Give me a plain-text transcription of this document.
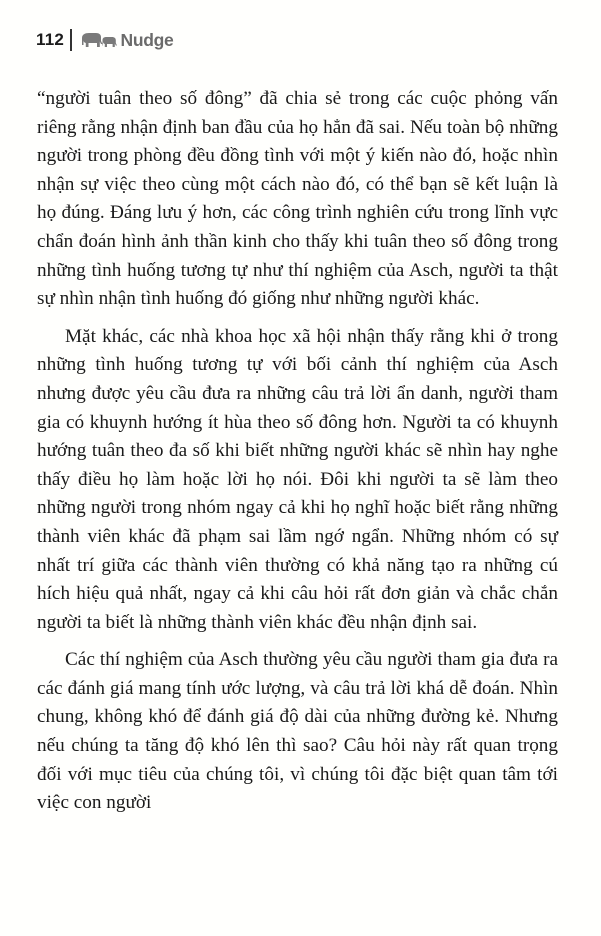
112	Nudge

“người tuân theo số đông” đã chia sẻ trong các cuộc phỏng vấn riêng rằng nhận định ban đầu của họ hẳn đã sai. Nếu toàn bộ những người trong phòng đều đồng tình với một ý kiến nào đó, hoặc nhìn nhận sự việc theo cùng một cách nào đó, có thể bạn sẽ kết luận là họ đúng. Đáng lưu ý hơn, các công trình nghiên cứu trong lĩnh vực chẩn đoán hình ảnh thần kinh cho thấy khi tuân theo số đông trong những tình huống tương tự như thí nghiệm của Asch, người ta thật sự nhìn nhận tình huống đó giống như những người khác.

Mặt khác, các nhà khoa học xã hội nhận thấy rằng khi ở trong những tình huống tương tự với bối cảnh thí nghiệm của Asch nhưng được yêu cầu đưa ra những câu trả lời ẩn danh, người tham gia có khuynh hướng ít hùa theo số đông hơn. Người ta có khuynh hướng tuân theo đa số khi biết những người khác sẽ nhìn hay nghe thấy điều họ làm hoặc lời họ nói. Đôi khi người ta sẽ làm theo những người trong nhóm ngay cả khi họ nghĩ hoặc biết rằng những thành viên khác đã phạm sai lầm ngớ ngẩn. Những nhóm có sự nhất trí giữa các thành viên thường có khả năng tạo ra những cú hích hiệu quả nhất, ngay cả khi câu hỏi rất đơn giản và chắc chắn người ta biết là những thành viên khác đều nhận định sai.

Các thí nghiệm của Asch thường yêu cầu người tham gia đưa ra các đánh giá mang tính ước lượng, và câu trả lời khá dễ đoán. Nhìn chung, không khó để đánh giá độ dài của những đường kẻ. Nhưng nếu chúng ta tăng độ khó lên thì sao? Câu hỏi này rất quan trọng đối với mục tiêu của chúng tôi, vì chúng tôi đặc biệt quan tâm tới việc con người
